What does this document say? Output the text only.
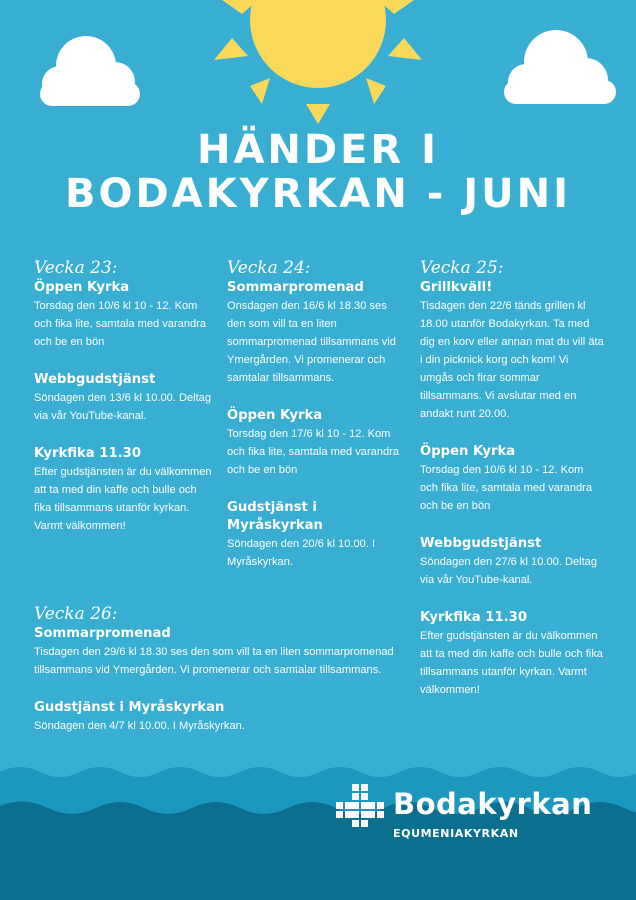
HÄNDER I
BODAKYRKAN - JUNI
Vecka 23:

Öppen Kyrka

Torsdag den 10/6 kl 10 - 12. Kom och fika lite, samtala med varandra och be en bön

Webbgudstjänst

Söndagen den 13/6 kl 10.00. Deltag via vår YouTube-kanal.

Kyrkfika 11.30

Efter gudstjänsten är du välkommen att ta med din kaffe och bulle och fika tillsammans utanför kyrkan. Varmt välkommen!

Vecka 24:

Sommarpromenad

Onsdagen den 16/6 kl 18.30 ses den som vill ta en liten sommarpromenad tillsammans vid Ymergården. Vi promenerar och samtalar tillsammans.

Öppen Kyrka

Torsdag den 17/6 kl 10 - 12. Kom och fika lite, samtala med varandra och be en bön

Gudstjänst i Myråskyrkan

Söndagen den 20/6 kl 10.00. I Myråskyrkan.

Vecka 25:

Grillkväll!

Tisdagen den 22/6 tänds grillen kl 18.00 utanför Bodakyrkan. Ta med dig en korv eller annan mat du vill äta i din picknick korg och kom! Vi umgås och firar sommar tillsammans. Vi avslutar med en andakt runt 20.00.

Öppen Kyrka

Torsdag den 10/6 kl 10 - 12. Kom och fika lite, samtala med varandra och be en bön

Webbgudstjänst

Söndagen den 27/6 kl 10.00. Deltag via vår YouTube-kanal.

Kyrkfika 11.30

Efter gudstjänsten är du välkommen att ta med din kaffe och bulle och fika tillsammans utanför kyrkan. Varmt välkommen!

Vecka 26:

Sommarpromenad

Tisdagen den 29/6 kl 18.30 ses den som vill ta en liten sommarpromenad tillsammans vid Ymergården. Vi promenerar och samtalar tillsammans.

Gudstjänst i Myråskyrkan

Söndagen den 4/7 kl 10.00. I Myråskyrkan.

Bodakyrkan
EQUMENIAKYRKAN
